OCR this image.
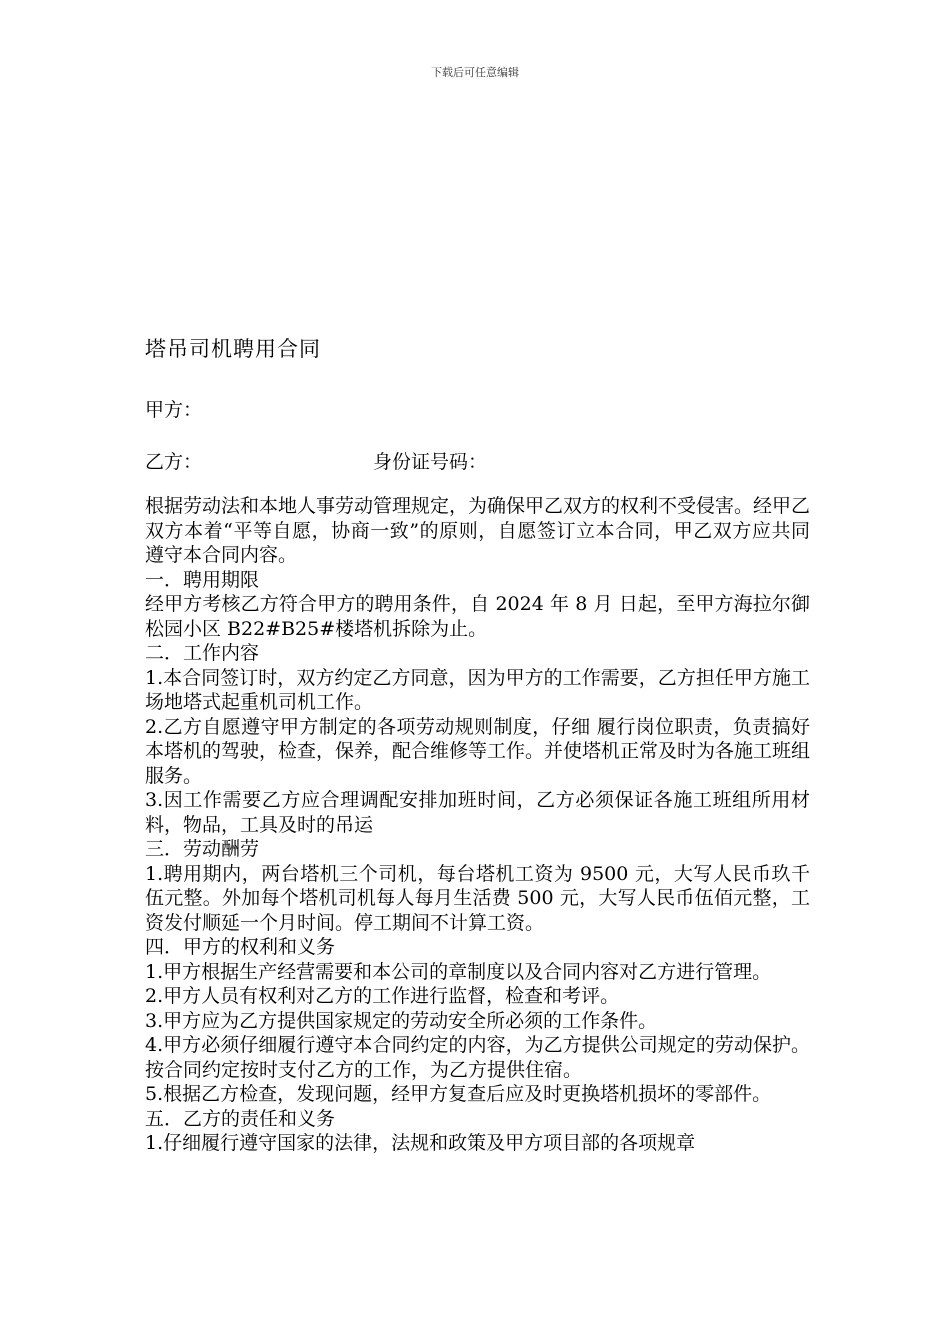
下载后可任意编辑
塔吊司机聘用合同
甲方：
乙方：	身份证号码：

根据劳动法和本地人事劳动管理规定，为确保甲乙双方的权利不受侵害。经甲乙双方本着“平等自愿，协商一致”的原则，自愿签订立本合同，甲乙双方应共同遵守本合同内容。

一．聘用期限

经甲方考核乙方符合甲方的聘用条件，自 2024 年 8 月 日起，至甲方海拉尔御松园小区 B22#B25#楼塔机拆除为止。

二．工作内容

1.本合同签订时，双方约定乙方同意，因为甲方的工作需要，乙方担任甲方施工场地塔式起重机司机工作。

2.乙方自愿遵守甲方制定的各项劳动规则制度，仔细 履行岗位职责，负责搞好本塔机的驾驶，检查，保养，配合维修等工作。并使塔机正常及时为各施工班组服务。

3.因工作需要乙方应合理调配安排加班时间，乙方必须保证各施工班组所用材料，物品，工具及时的吊运

三．劳动酬劳

1.聘用期内，两台塔机三个司机，每台塔机工资为 9500 元，大写人民币玖千伍元整。外加每个塔机司机每人每月生活费 500 元，大写人民币伍佰元整，工资发付顺延一个月时间。停工期间不计算工资。

四．甲方的权利和义务

1.甲方根据生产经营需要和本公司的章制度以及合同内容对乙方进行管理。

2.甲方人员有权利对乙方的工作进行监督，检查和考评。

3.甲方应为乙方提供国家规定的劳动安全所必须的工作条件。

4.甲方必须仔细履行遵守本合同约定的内容，为乙方提供公司规定的劳动保护。按合同约定按时支付乙方的工作，为乙方提供住宿。

5.根据乙方检查，发现问题，经甲方复查后应及时更换塔机损坏的零部件。

五．乙方的责任和义务

1.仔细履行遵守国家的法律，法规和政策及甲方项目部的各项规章
